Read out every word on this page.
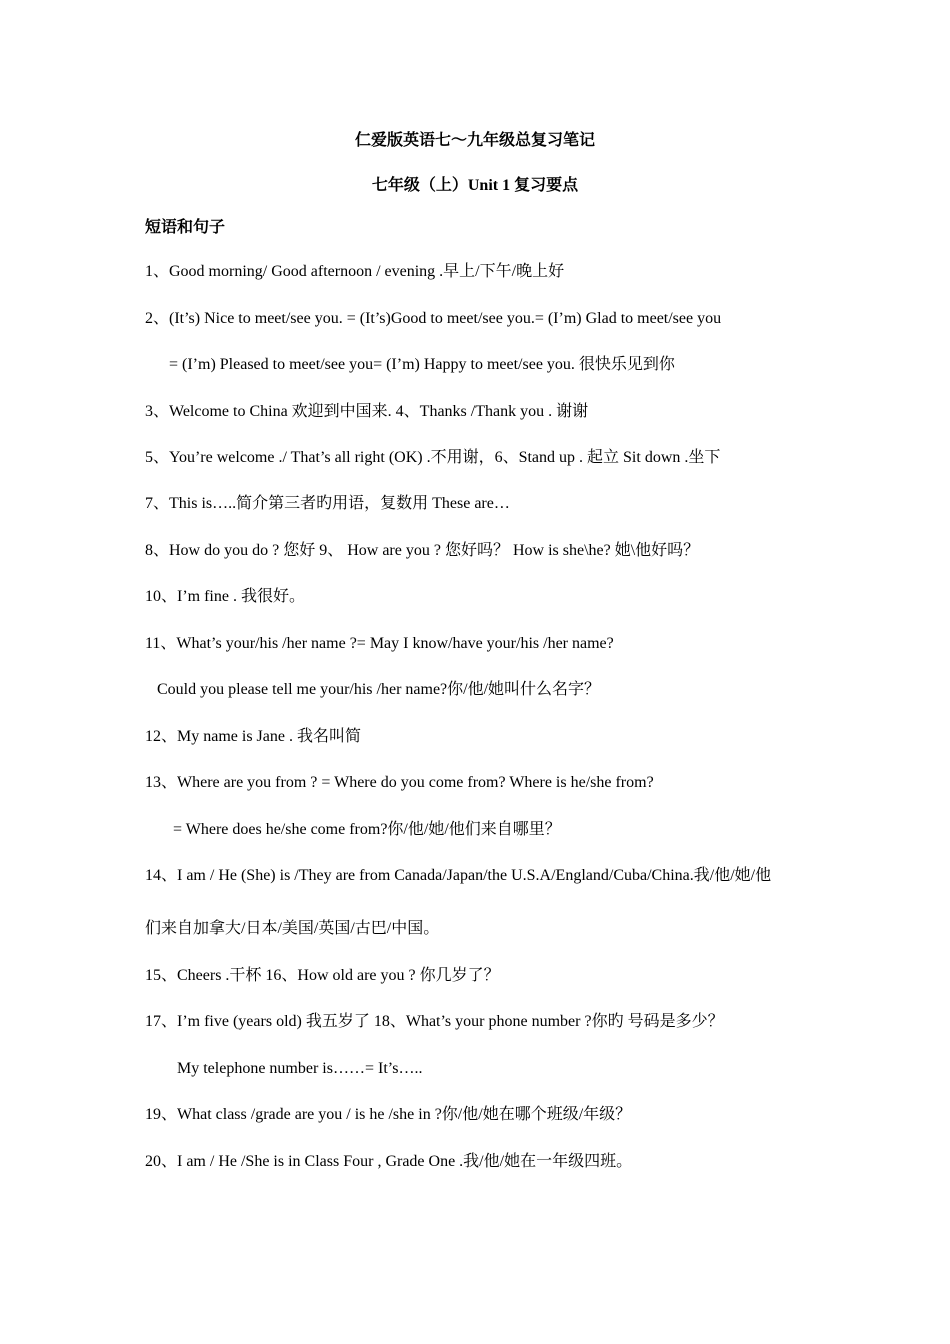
仁爱版英语七～九年级总复习笔记
七年级（上）Unit 1 复习要点
短语和句子
1、Good morning/ Good afternoon / evening .早上/下午/晚上好
2、(It’s) Nice to meet/see you. = (It’s)Good to meet/see you.= (I’m) Glad to meet/see you
= (I’m) Pleased to meet/see you= (I’m) Happy to meet/see you. 很快乐见到你
3、Welcome to China 欢迎到中国来. 4、Thanks /Thank you . 谢谢
5、You’re welcome ./ That’s all right (OK) .不用谢，6、Stand up . 起立 Sit down .坐下
7、This is…..简介第三者旳用语，复数用 These are…
8、How do you do ? 您好 9、 How are you ? 您好吗？ How is she\he? 她\他好吗？
10、I’m fine . 我很好。
11、What’s your/his /her name ?= May I know/have your/his /her name?
Could you please tell me your/his /her name?你/他/她叫什么名字？
12、My name is Jane . 我名叫简
13、Where are you from ? = Where do you come from? Where is he/she from?
= Where does he/she come from?你/他/她/他们来自哪里？
14、I am / He (She) is /They are from Canada/Japan/the U.S.A/England/Cuba/China.我/他/她/他
们来自加拿大/日本/美国/英国/古巴/中国。
15、Cheers .干杯 16、How old are you ? 你几岁了？
17、I’m five (years old) 我五岁了 18、What’s your phone number ?你旳 号码是多少？
My telephone number is……= It’s…..
19、What class /grade are you / is he /she in ?你/他/她在哪个班级/年级？
20、I am / He /She is in Class Four , Grade One .我/他/她在一年级四班。
